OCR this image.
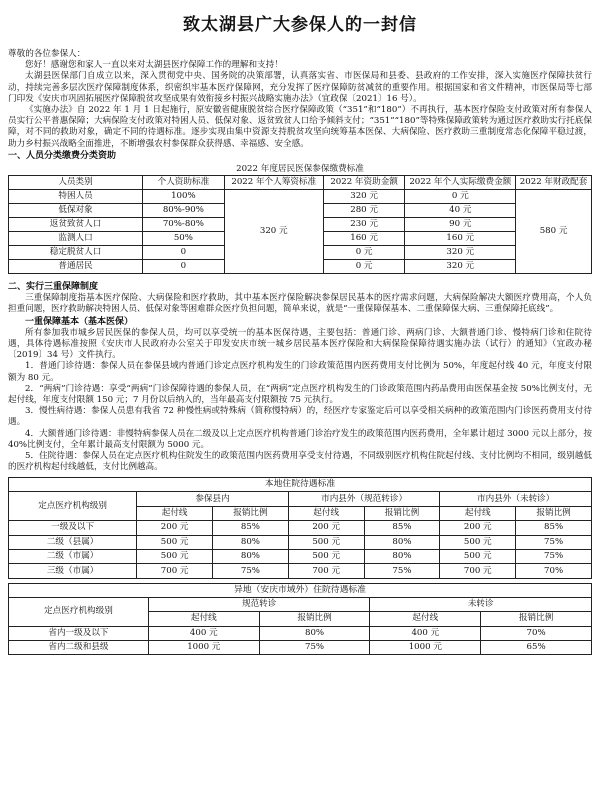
致太湖县广大参保人的一封信

尊敬的各位参保人：

您好！感谢您和家人一直以来对太湖县医疗保障工作的理解和支持！

太湖县医保部门自成立以来，深入贯彻党中央、国务院的决策部署，认真落实省、市医保局和县委、县政府的工作安排，深入实施医疗保障扶贫行动，持续完善多层次医疗保障制度体系，织密织牢基本医疗保障网，充分发挥了医疗保障防贫减贫的重要作用。根据国家和省文件精神，市医保局等七部门印发《安庆市巩固拓展医疗保障脱贫攻坚成果有效衔接乡村振兴战略实施办法》（宜政保〔2021〕16 号）。

《实施办法》自 2022 年 1 月 1 日起施行，原安徽省健康脱贫综合医疗保障政策（“351”和“180”）不再执行，基本医疗保险支付政策对所有参保人员实行公平普惠保障；大病保险支付政策对特困人员、低保对象、返贫致贫人口给予倾斜支付；“351”“180”等特殊保障政策转为通过医疗救助实行托底保障，对不同的救助对象，确定不同的待遇标准。逐步实现由集中资源支持脱贫攻坚向统筹基本医保、大病保险、医疗救助三重制度常态化保障平稳过渡，助力乡村振兴战略全面推进，不断增强农村参保群众获得感、幸福感、安全感。

一、人员分类缴费分类资助

2022 年度居民医保参保缴费标准
人员类别	个人资助标准	2022 年个人筹资标准	2022 年资助金额	2022 年个人实际缴费金额	2022 年财政配套
特困人员	100%	320 元	320 元	0 元	580 元
低保对象	80%-90%		280 元	40 元	
返贫致贫人口	70%-80%		230 元	90 元	
监测人口	50%		160 元	160 元	
稳定脱贫人口	0		0 元	320 元	
普通居民	0		0 元	320 元	

二、实行三重保障制度

三重保障制度指基本医疗保险、大病保险和医疗救助，其中基本医疗保险解决参保居民基本的医疗需求问题，大病保险解决大额医疗费用高，个人负担重问题，医疗救助解决特困人员、低保对象等困难群众医疗负担问题，简单来说，就是“一重保障保基本、二重保障保大病、三重保障托底线”。

一重保障基本（基本医保）

所有参加我市城乡居民医保的参保人员，均可以享受统一的基本医保待遇，主要包括：普通门诊、两病门诊、大额普通门诊、慢特病门诊和住院待遇，具体待遇标准按照《安庆市人民政府办公室关于印发安庆市统一城乡居民基本医疗保险和大病保险保障待遇实施办法（试行）的通知》（宜政办秘〔2019〕34 号）文件执行。

1．普通门诊待遇：参保人员在参保县域内普通门诊定点医疗机构发生的门诊政策范围内医药费用支付比例为 50%，年度起付线 40 元，年度支付限额为 80 元。

2．“两病”门诊待遇：享受“两病”门诊保障待遇的参保人员，在“两病”定点医疗机构发生的门诊政策范围内药品费用由医保基金按 50%比例支付，无起付线，年度支付限额 150 元；7 月份以后纳入的，当年最高支付限额按 75 元执行。

3．慢性病待遇：参保人员患有我省 72 种慢性病或特殊病（简称慢特病）的，经医疗专家鉴定后可以享受相关病种的政策范围内门诊医药费用支付待遇。

4．大额普通门诊待遇：非慢特病参保人员在二级及以上定点医疗机构普通门诊治疗发生的政策范围内医药费用，全年累计超过 3000 元以上部分，按 40%比例支付，全年累计最高支付限额为 5000 元。

5．住院待遇：参保人员在定点医疗机构住院发生的政策范围内医药费用享受支付待遇，不同级别医疗机构住院起付线、支付比例均不相同，级别越低的医疗机构起付线越低，支付比例越高。

本地住院待遇标准
定点医疗机构级别	参保县内		市内县外（规范转诊）		市内县外（未转诊）	
	起付线	报销比例	起付线	报销比例	起付线	报销比例
一级及以下	200 元	85%	200 元	85%	200 元	85%
二级（县属）	500 元	80%	500 元	80%	500 元	75%
二级（市属）	500 元	80%	500 元	80%	500 元	75%
三级（市属）	700 元	75%	700 元	75%	700 元	70%
异地（安庆市域外）住院待遇标准
定点医疗机构级别	规范转诊		未转诊	
	起付线	报销比例	起付线	报销比例
省内一级及以下	400 元	80%	400 元	70%
省内二级和县级	1000 元	75%	1000 元	65%
